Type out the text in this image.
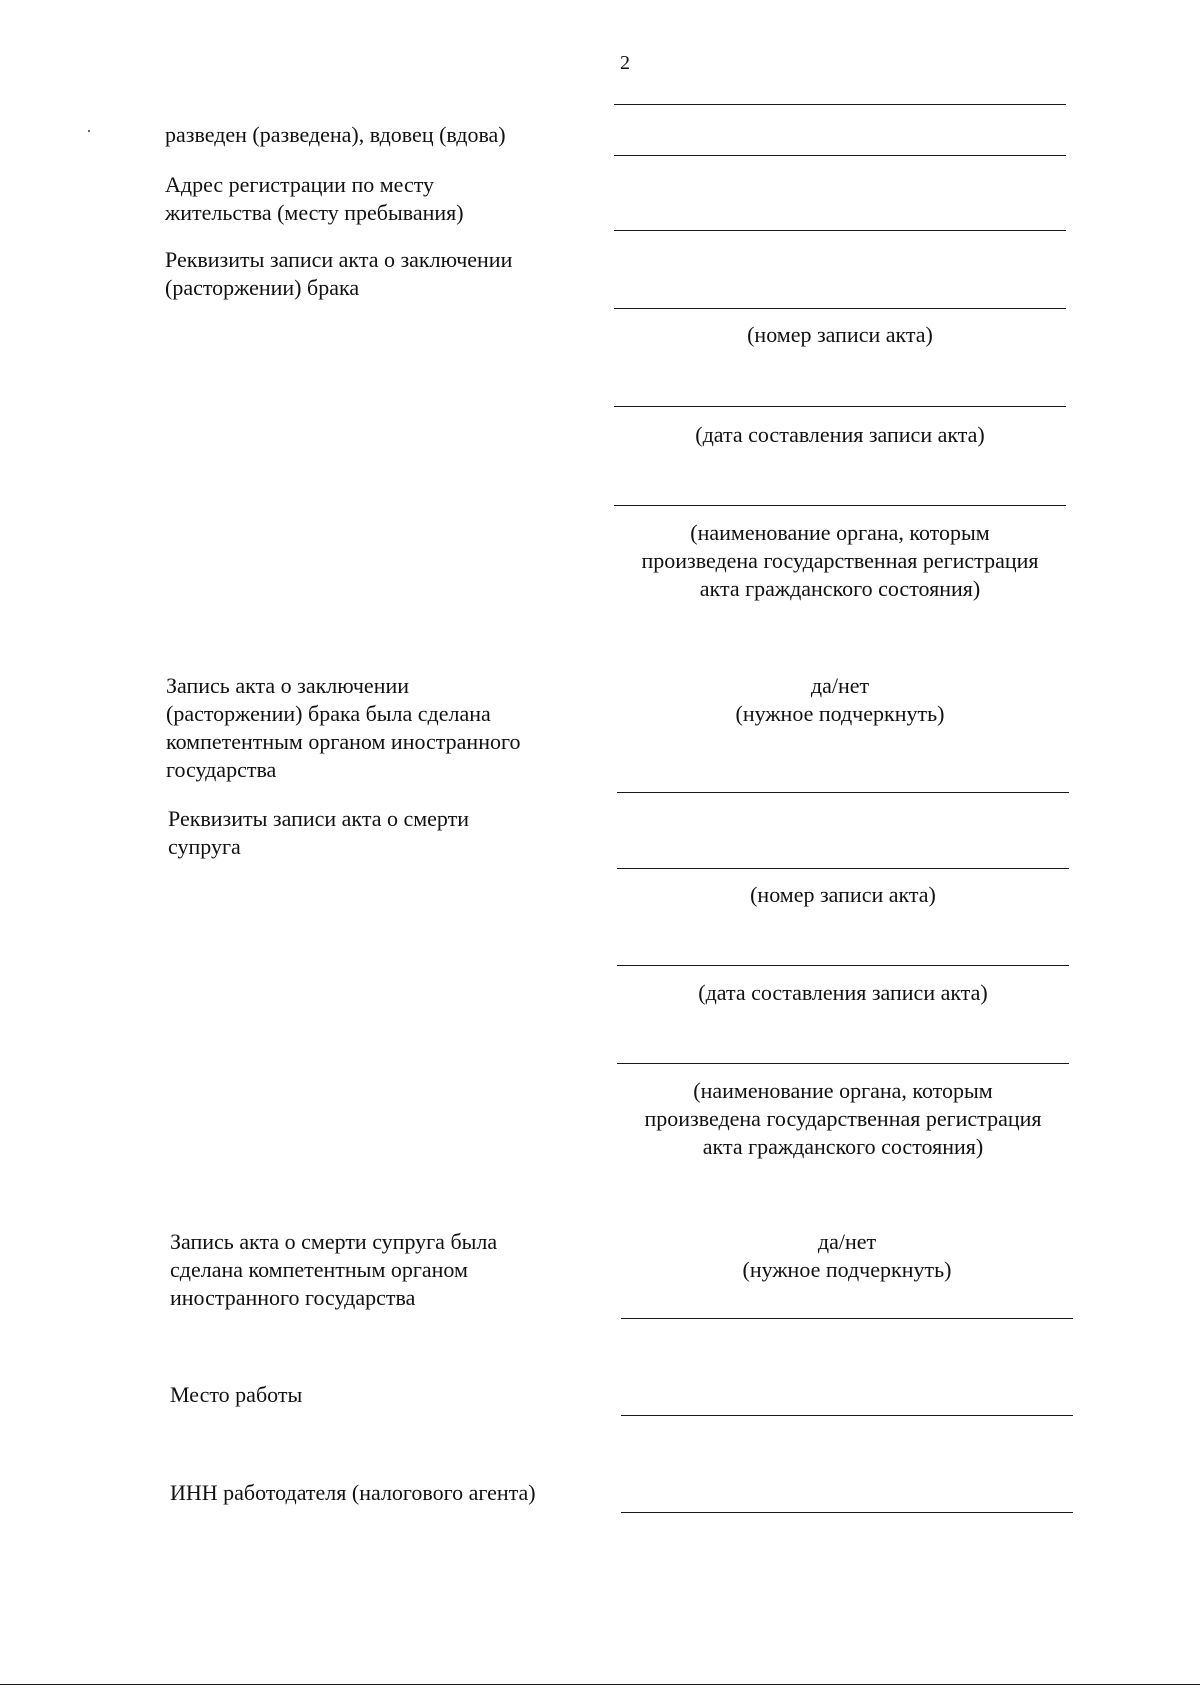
2
разведен (разведена), вдовец (вдова)
Адрес регистрации по месту
жительства (месту пребывания)
Реквизиты записи акта о заключении
(расторжении) брака
Запись акта о заключении
(расторжении) брака была сделана
компетентным органом иностранного
государства
Реквизиты записи акта о смерти
супруга
Запись акта о смерти супруга была
сделана компетентным органом
иностранного государства
Место работы
ИНН работодателя (налогового агента)
(номер записи акта)
(дата составления записи акта)
(наименование органа, которым
произведена государственная регистрация
акта гражданского состояния)
да/нет
(нужное подчеркнуть)
(номер записи акта)
(дата составления записи акта)
(наименование органа, которым
произведена государственная регистрация
акта гражданского состояния)
да/нет
(нужное подчеркнуть)
